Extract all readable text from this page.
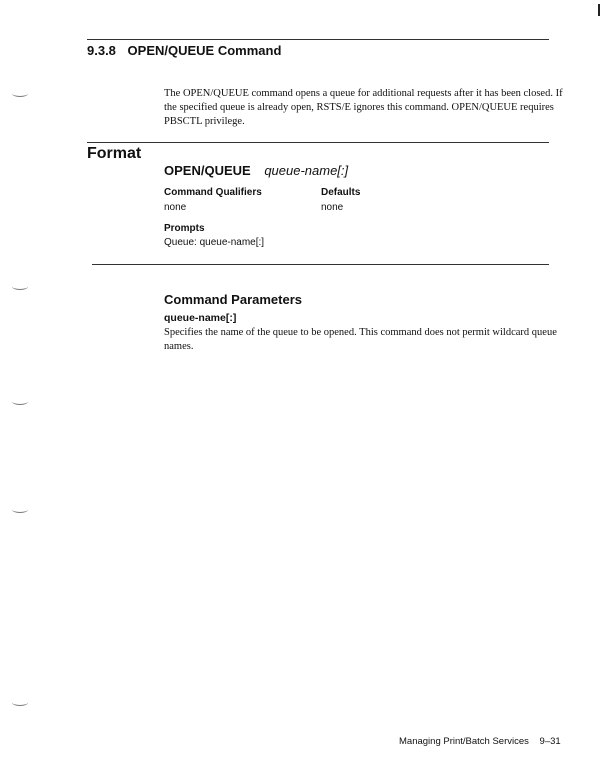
9.3.8 OPEN/QUEUE Command

The OPEN/QUEUE command opens a queue for additional requests after it has been closed. If the specified queue is already open, RSTS/E ignores this command. OPEN/QUEUE requires PBSCTL privilege.

Format
OPEN/QUEUE queue-name[:]
Command Qualifiers	Defaults
none	none
Prompts
Queue: queue-name[:]
Command Parameters
queue-name[:]
Specifies the name of the queue to be opened. This command does not permit wildcard queue names.
Managing Print/Batch Services 9–31
